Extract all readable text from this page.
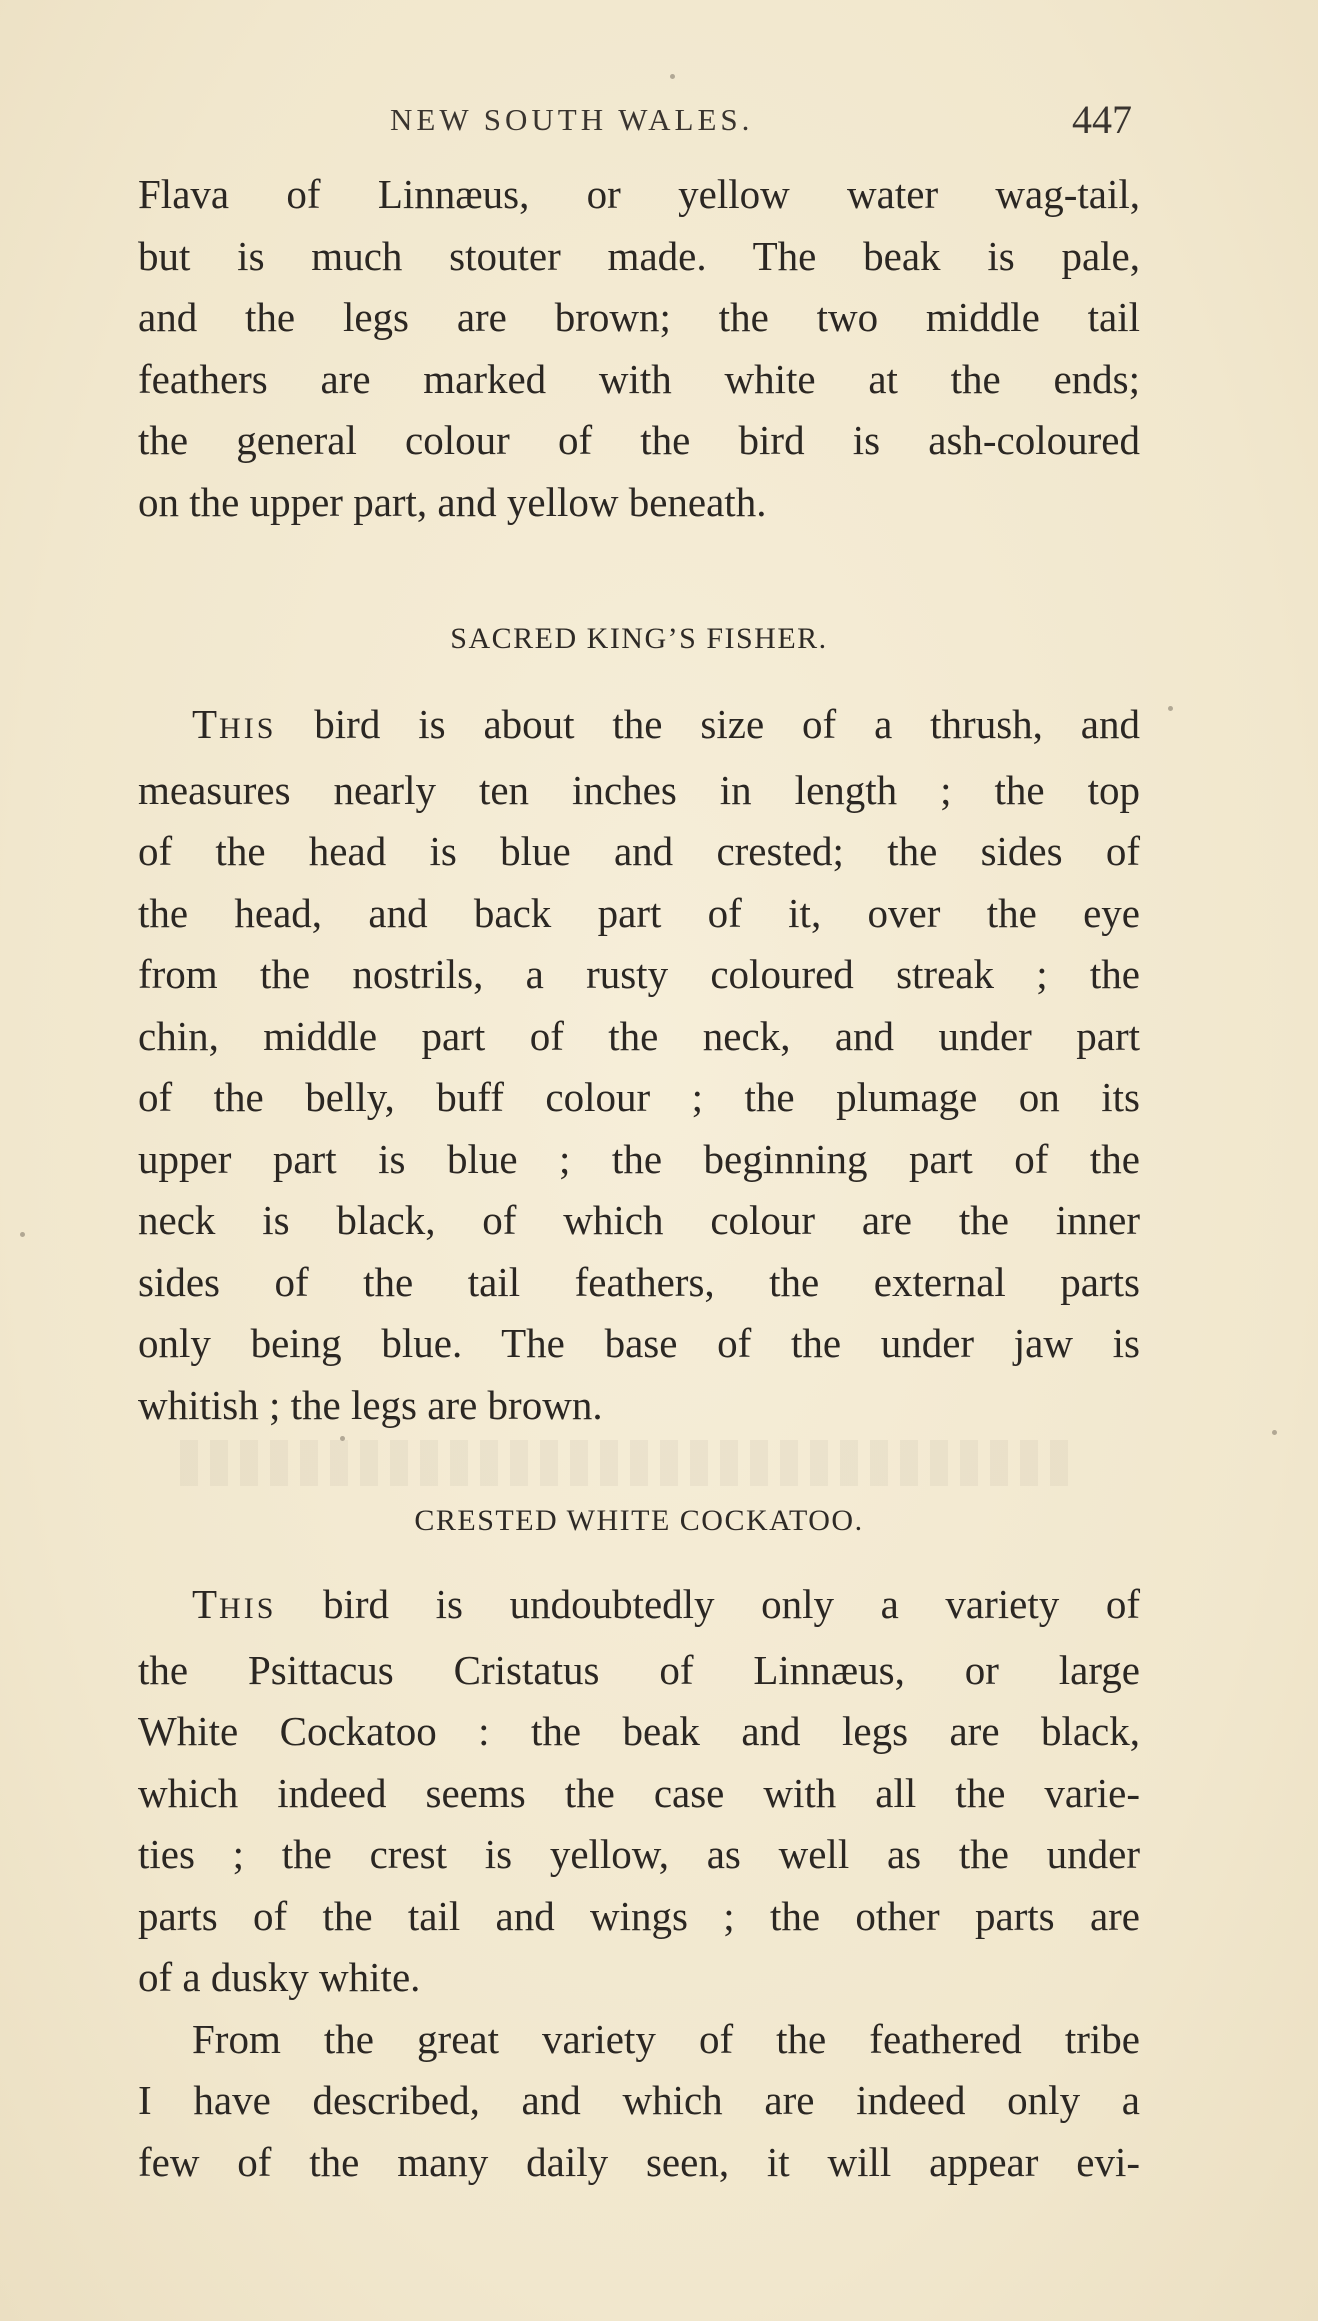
NEW SOUTH WALES.	447
Flava of Linnæus, or yellow water wag-tail,
but is much stouter made. The beak is pale,
and the legs are brown; the two middle tail
feathers are marked with white at the ends;
the general colour of the bird is ash-coloured
on the upper part, and yellow beneath.
SACRED KING’S FISHER.
THIS bird is about the size of a thrush, and
measures nearly ten inches in length ; the top
of the head is blue and crested; the sides of
the head, and back part of it, over the eye
from the nostrils, a rusty coloured streak ; the
chin, middle part of the neck, and under part
of the belly, buff colour ; the plumage on its
upper part is blue ; the beginning part of the
neck is black, of which colour are the inner
sides of the tail feathers, the external parts
only being blue. The base of the under jaw is
whitish ; the legs are brown.
CRESTED WHITE COCKATOO.
THIS bird is undoubtedly only a variety of
the Psittacus Cristatus of Linnæus, or large
White Cockatoo : the beak and legs are black,
which indeed seems the case with all the varie-
ties ; the crest is yellow, as well as the under
parts of the tail and wings ; the other parts are
of a dusky white.
From the great variety of the feathered tribe
I have described, and which are indeed only a
few of the many daily seen, it will appear evi-
